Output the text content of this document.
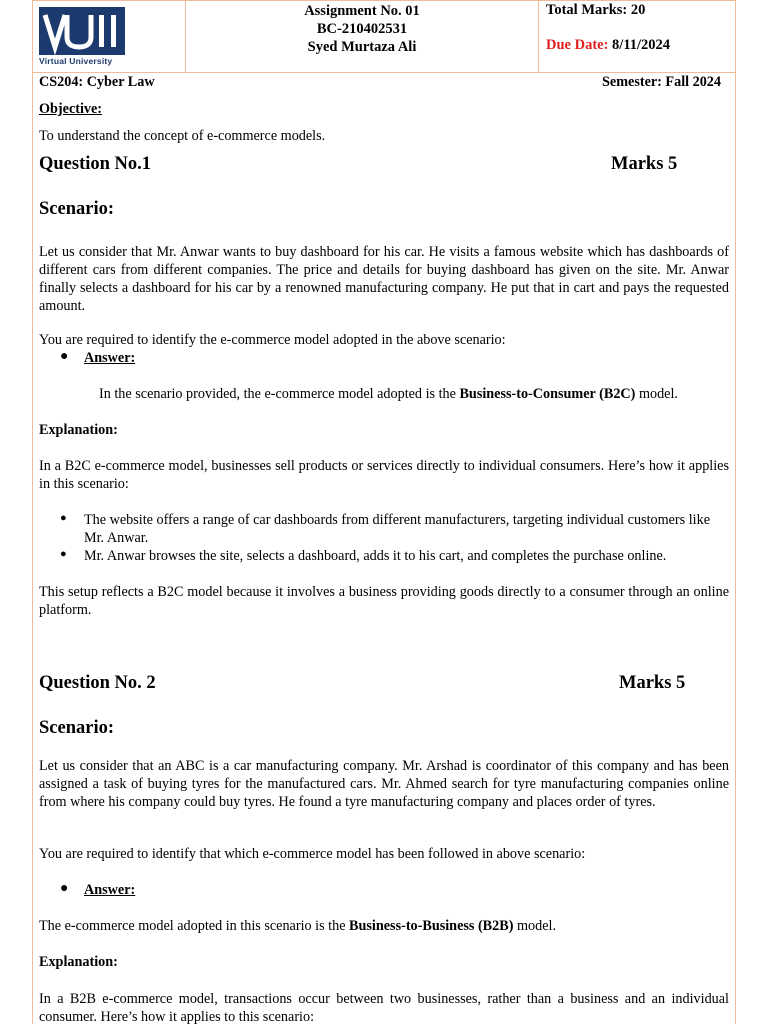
Virtual University
Assignment No. 01
BC-210402531
Syed Murtaza Ali
Total Marks: 20
Due Date: 8/11/2024
CS204: Cyber Law	Semester: Fall 2024
Objective:
To understand the concept of e-commerce models.
Question No.1	Marks 5
Scenario:
Let us consider that Mr. Anwar wants to buy dashboard for his car. He visits a famous website which has dashboards of different cars from different companies. The price and details for buying dashboard has given on the site. Mr. Anwar finally selects a dashboard for his car by a renowned manufacturing company. He put that in cart and pays the requested amount.
You are required to identify the e-commerce model adopted in the above scenario:
● Answer:
In the scenario provided, the e-commerce model adopted is the Business-to-Consumer (B2C) model.
Explanation:
In a B2C e-commerce model, businesses sell products or services directly to individual consumers. Here’s how it applies in this scenario:
● The website offers a range of car dashboards from different manufacturers, targeting individual customers like Mr. Anwar.
● Mr. Anwar browses the site, selects a dashboard, adds it to his cart, and completes the purchase online.
This setup reflects a B2C model because it involves a business providing goods directly to a consumer through an online platform.
Question No. 2	Marks 5
Scenario:
Let us consider that an ABC is a car manufacturing company. Mr. Arshad is coordinator of this company and has been assigned a task of buying tyres for the manufactured cars. Mr. Ahmed search for tyre manufacturing companies online from where his company could buy tyres. He found a tyre manufacturing company and places order of tyres.
You are required to identify that which e-commerce model has been followed in above scenario:
● Answer:
The e-commerce model adopted in this scenario is the Business-to-Business (B2B) model.
Explanation:
In a B2B e-commerce model, transactions occur between two businesses, rather than a business and an individual consumer. Here’s how it applies to this scenario:
